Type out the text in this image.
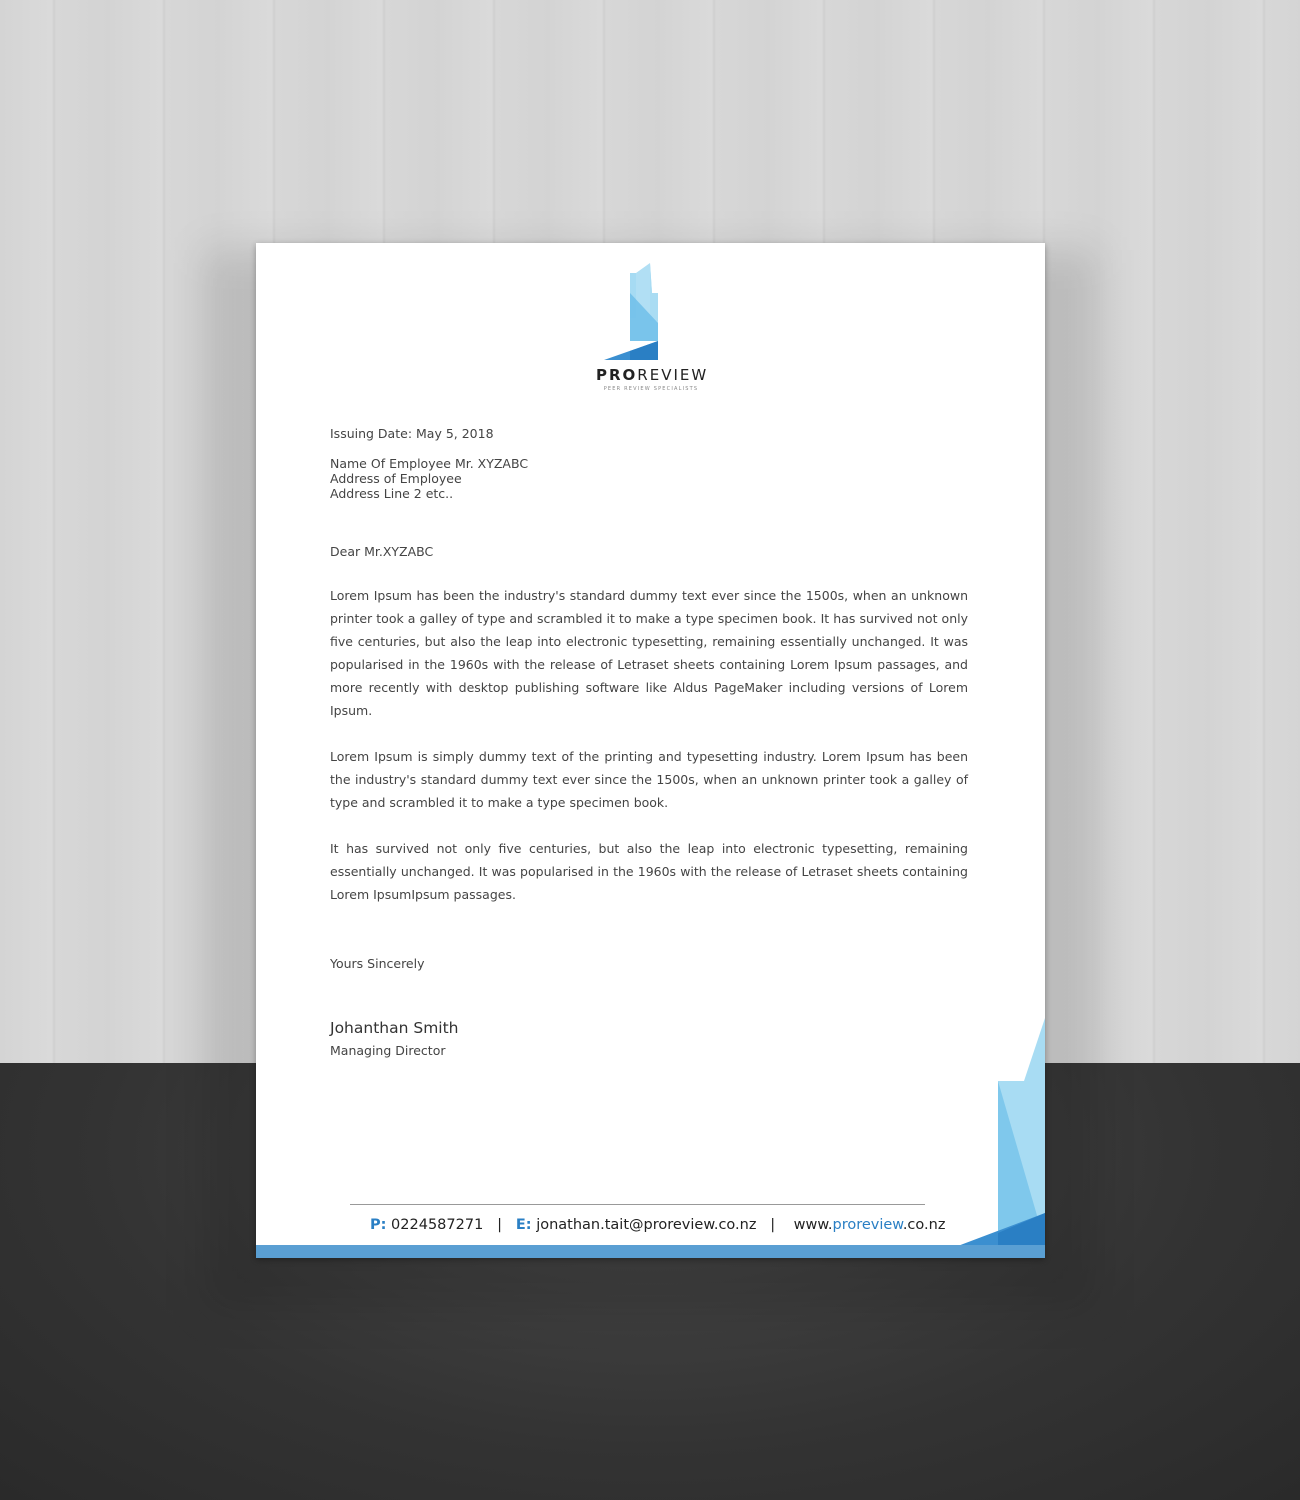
PROREVIEW
PEER REVIEW SPECIALISTS

Issuing Date: May 5, 2018

Name Of Employee Mr. XYZABC

Address of Employee

Address Line 2 etc..

Dear Mr.XYZABC

Lorem Ipsum has been the industry's standard dummy text ever since the 1500s, when an unknown printer took a galley of type and scrambled it to make a type specimen book. It has survived not only five centuries, but also the leap into electronic typesetting, remaining essentially unchanged. It was popularised in the 1960s with the release of Letraset sheets containing Lorem Ipsum passages, and more recently with desktop publishing software like Aldus PageMaker including versions of Lorem Ipsum.

Lorem Ipsum is simply dummy text of the printing and typesetting industry. Lorem Ipsum has been the industry's standard dummy text ever since the 1500s, when an unknown printer took a galley of type and scrambled it to make a type specimen book.

It has survived not only five centuries, but also the leap into electronic typesetting, remaining essentially unchanged. It was popularised in the 1960s with the release of Letraset sheets containing Lorem IpsumIpsum passages.

Yours Sincerely

Johanthan Smith

Managing Director

P: 0224587271 | E: jonathan.tait@proreview.co.nz | www.proreview.co.nz
